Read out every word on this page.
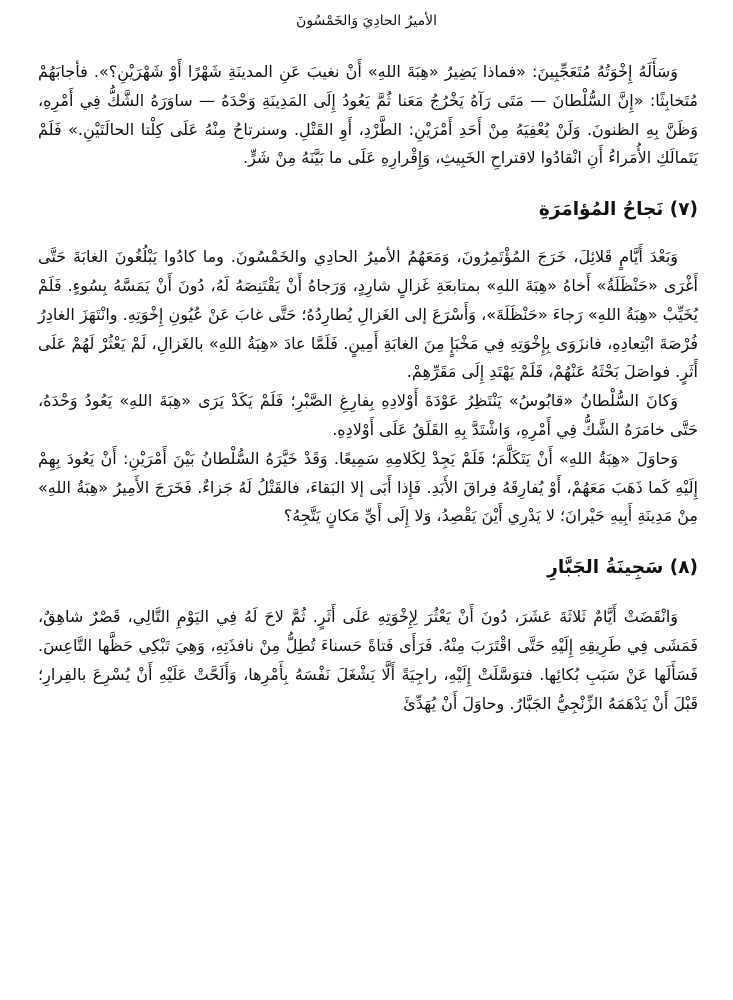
الأميرُ الحادِيَ وَالخَمْسُونَ

وَسَأَلَهُ إِخْوَتُهُ مُتَعَجِّبِينَ: «فماذا يَضِيرُ «هِبَةَ اللهِ» أَنْ نغيبَ عَنِ المدينَةِ شَهْرًا أَوْ شَهْرَيْنِ؟». فأجابَهُمْ مُتَخابِثًا: «إِنَّ السُّلْطانَ — مَتَى رَآهُ يَخْرُجُ مَعَنا ثُمَّ يَعُودُ إِلَى المَدِينَةِ وَحْدَهُ — ساوَرَهُ الشَّكُّ فِي أَمْرِهِ، وَظَنَّ بِهِ الظنونَ. وَلَنْ يُعْفِيَهُ مِنْ أَحَدِ أَمْرَيْنِ: الطَّرْدِ، أَوِ القَتْلِ. وسنرتاحُ مِنْهُ عَلَى كِلْتا الحالَتَيْنِ.» فَلَمْ يَتَمالَكِ الأُمَراءُ أَنِ انْقادُوا لاقتراحِ الخَبِيثِ، وَإِقْرارِهِ عَلَى ما بَيَّنَهُ مِنْ شَرٍّ.

(٧) نَجاحُ المُؤامَرَةِ

وَبَعْدَ أَيَّامٍ قَلائِلَ، خَرَجَ المُؤْتَمِرُونَ، وَمَعَهُمُ الأميرُ الحادِي والخَمْسُونَ. وما كادُوا يَبْلُغُونَ الغابَةَ حَتَّى أَغْرَى «حَنْظَلَةُ» أَخاهُ «هِبَةَ اللهِ» بمتابعَةِ غَزالٍ شارِدٍ، وَرَجاهُ أَنْ يَقْتَنِصَهُ لَهُ، دُونَ أَنْ يَمَسَّهُ بِسُوءٍ. فَلَمْ يُخَيِّبْ «هِبَةُ اللهِ» رَجاءَ «حَنْظَلَةَ»، وَأَسْرَعَ إلى الغَزالِ يُطارِدُهُ؛ حَتَّى غابَ عَنْ عُيُونِ إِخْوَتِهِ. وانْتَهَزَ الغادِرُ فُرْصَةَ ابْتِعادِهِ، فانزَوَى بِإِخْوَتِهِ فِي مَخْبَإٍ مِنَ الغابَةِ أَمِينٍ. فَلَمَّا عادَ «هِبَةُ اللهِ» بالغَزالِ، لَمْ يَعْثُرْ لَهُمْ عَلَى أَثَرٍ. فواصَلَ بَحْثَهُ عَنْهُمْ، فَلَمْ يَهْتَدِ إِلَى مَقَرِّهِمْ.

وَكانَ السُّلْطانُ «قابُوسُ» يَنْتَظِرُ عَوْدَةَ أَوْلادِهِ بِفارِغِ الصَّبْرِ؛ فَلَمْ يَكَدْ يَرَى «هِبَةَ اللهِ» يَعُودُ وَحْدَهُ، حَتَّى خامَرَهُ الشَّكُّ فِي أَمْرِهِ، وَاشْتَدَّ بِهِ القَلَقُ عَلَى أَوْلادِهِ.

وَحاوَلَ «هِبَةُ اللهِ» أَنْ يَتَكَلَّمَ؛ فَلَمْ يَجِدْ لِكَلامِهِ سَمِيعًا. وَقَدْ خَيَّرَهُ السُّلْطانُ بَيْنَ أَمْرَيْنِ: أَنْ يَعُودَ بِهِمْ إِلَيْهِ كَما ذَهَبَ مَعَهُمْ، أَوْ يُفارِقَهُ فِراقَ الأَبَدِ. فَإِذا أَبَى إلا البَقاءَ، فالقَتْلُ لَهُ جَزاءٌ. فَخَرَجَ الأَمِيرُ «هِبَةُ اللهِ» مِنْ مَدِينَةِ أَبِيهِ حَيْرانَ؛ لا يَدْرِي أَيْنَ يَقْصِدُ، وَلا إِلَى أَيِّ مَكانٍ يَتَّجِهُ؟

(٨) سَجِينَةُ الجَبَّارِ

وَانْقَضَتْ أَيَّامٌ ثَلاثَةَ عَشَرَ، دُونَ أَنْ يَعْثُرَ لِإِخْوَتِهِ عَلَى أَثَرٍ. ثُمَّ لاحَ لَهُ فِي اليَوْمِ التَّالِي، قَصْرٌ شاهِقٌ، فَمَشَى فِي طَرِيقِهِ إِلَيْهِ حَتَّى اقْتَرَبَ مِنْهُ. فَرَأَى فَتاةً حَسناءَ تُطِلُّ مِنْ نافذَتِهِ، وَهِيَ تَبْكِي حَظَّها التَّاعِسَ. فَسَأَلَها عَنْ سَبَبِ بُكائِها. فتوَسَّلَتْ إِلَيْهِ، راجِيَةً أَلَّا يَشْغَلَ نَفْسَهُ بِأَمْرِها، وَأَلَحَّتْ عَلَيْهِ أَنْ يُسْرِعَ بالفِرارِ؛ قَبْلَ أَنْ يَدْهَمَهُ الزِّنْجِيُّ الجَبَّارُ. وحاوَلَ أَنْ يُهَدِّئَ
